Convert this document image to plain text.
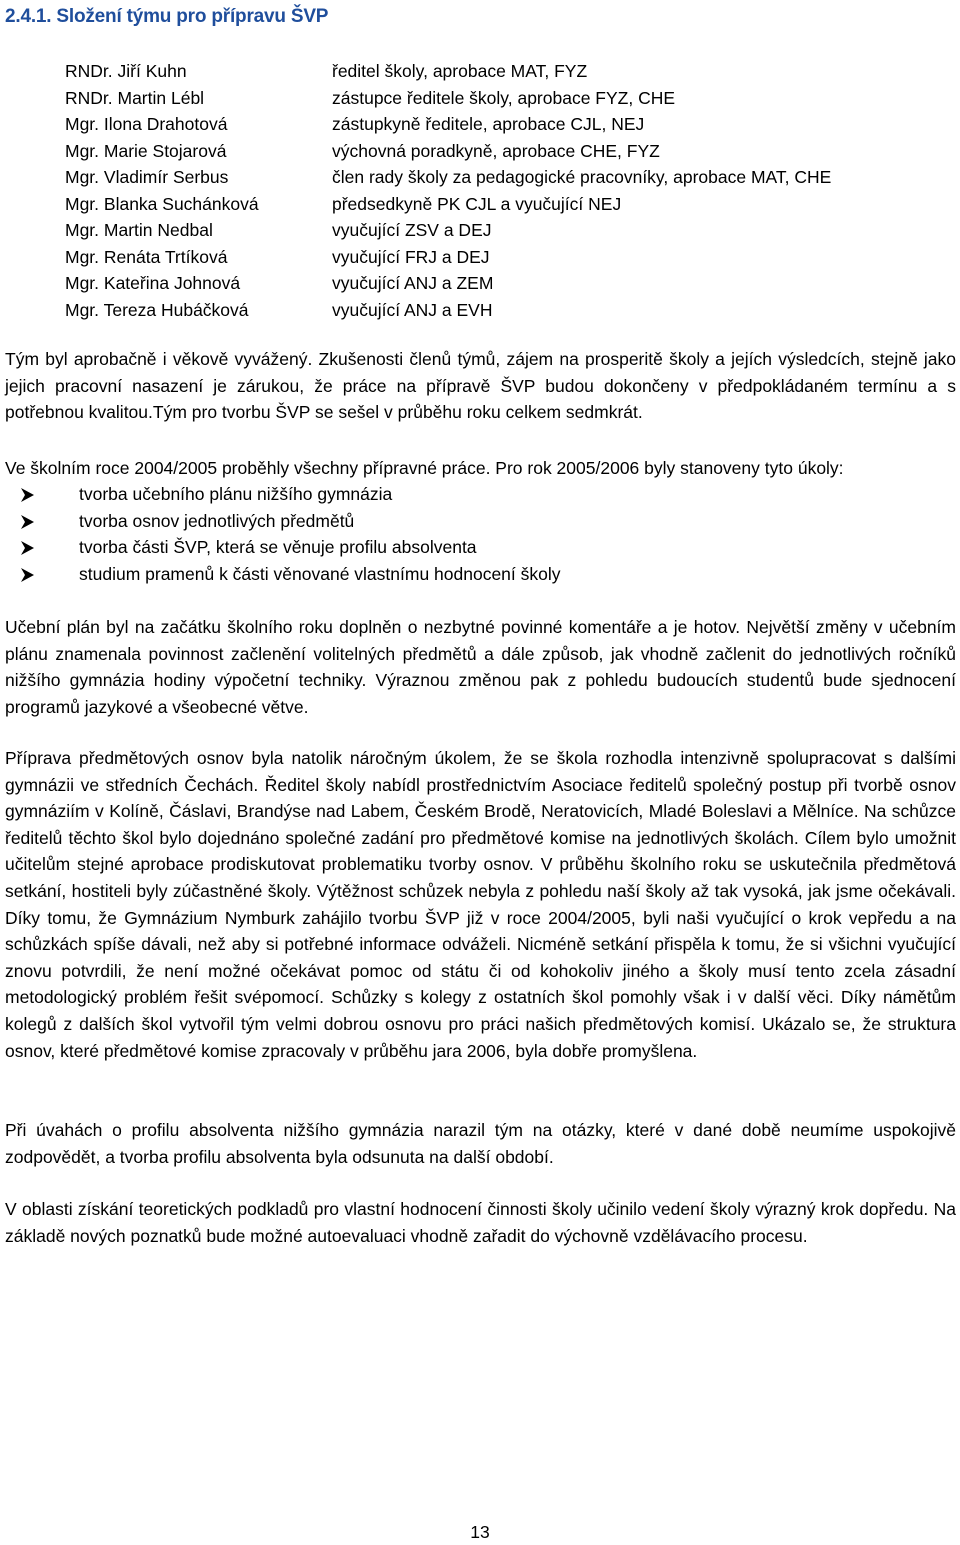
2.4.1. Složení týmu pro přípravu ŠVP
RNDr. Jiří Kuhn	ředitel školy, aprobace MAT, FYZ
RNDr. Martin Lébl	zástupce ředitele školy, aprobace FYZ, CHE
Mgr. Ilona Drahotová	zástupkyně ředitele, aprobace CJL, NEJ
Mgr. Marie Stojarová	výchovná poradkyně, aprobace CHE, FYZ
Mgr. Vladimír Serbus	člen rady školy za pedagogické pracovníky, aprobace MAT, CHE
Mgr. Blanka Suchánková	předsedkyně PK CJL a vyučující NEJ
Mgr. Martin Nedbal	vyučující ZSV a DEJ
Mgr. Renáta Trtíková	vyučující FRJ a DEJ
Mgr. Kateřina Johnová	vyučující ANJ a ZEM
Mgr. Tereza Hubáčková	vyučující ANJ a EVH

Tým byl aprobačně i věkově vyvážený. Zkušenosti členů týmů, zájem na prosperitě školy a jejích výsledcích, stejně jako jejich pracovní nasazení je zárukou, že práce na přípravě ŠVP budou dokončeny v předpokládaném termínu a s potřebnou kvalitou.Tým pro tvorbu ŠVP se sešel v průběhu roku celkem sedmkrát.

Ve školním roce 2004/2005 proběhly všechny přípravné práce. Pro rok 2005/2006 byly stanoveny tyto úkoly:

tvorba učebního plánu nižšího gymnázia
tvorba osnov jednotlivých předmětů
tvorba části ŠVP, která se věnuje profilu absolventa
studium pramenů k části věnované vlastnímu hodnocení školy

Učební plán byl na začátku školního roku doplněn o nezbytné povinné komentáře a je hotov. Největší změny v učebním plánu znamenala povinnost začlenění volitelných předmětů a dále způsob, jak vhodně začlenit do jednotlivých ročníků nižšího gymnázia hodiny výpočetní techniky. Výraznou změnou pak z pohledu budoucích studentů bude sjednocení programů jazykové a všeobecné větve.

Příprava předmětových osnov byla natolik náročným úkolem, že se škola rozhodla intenzivně spolupracovat s dalšími gymnázii ve středních Čechách. Ředitel školy nabídl prostřednictvím Asociace ředitelů společný postup při tvorbě osnov gymnáziím v Kolíně, Čáslavi, Brandýse nad Labem, Českém Brodě, Neratovicích, Mladé Boleslavi a Mělníce. Na schůzce ředitelů těchto škol bylo dojednáno společné zadání pro předmětové komise na jednotlivých školách. Cílem bylo umožnit učitelům stejné aprobace prodiskutovat problematiku tvorby osnov. V průběhu školního roku se uskutečnila předmětová setkání, hostiteli byly zúčastněné školy. Výtěžnost schůzek nebyla z pohledu naší školy až tak vysoká, jak jsme očekávali. Díky tomu, že Gymnázium Nymburk zahájilo tvorbu ŠVP již v roce 2004/2005, byli naši vyučující o krok vepředu a na schůzkách spíše dávali, než aby si potřebné informace odváželi. Nicméně setkání přispěla k tomu, že si všichni vyučující znovu potvrdili, že není možné očekávat pomoc od státu či od kohokoliv jiného a školy musí tento zcela zásadní metodologický problém řešit svépomocí. Schůzky s kolegy z ostatních škol pomohly však i v další věci. Díky námětům kolegů z dalších škol vytvořil tým velmi dobrou osnovu pro práci našich předmětových komisí. Ukázalo se, že struktura osnov, které předmětové komise zpracovaly v průběhu jara 2006, byla dobře promyšlena.

Při úvahách o profilu absolventa nižšího gymnázia narazil tým na otázky, které v dané době neumíme uspokojivě zodpovědět, a tvorba profilu absolventa byla odsunuta na další období.

V oblasti získání teoretických podkladů pro vlastní hodnocení činnosti školy učinilo vedení školy výrazný krok dopředu. Na základě nových poznatků bude možné autoevaluaci vhodně zařadit do výchovně vzdělávacího procesu.

13
